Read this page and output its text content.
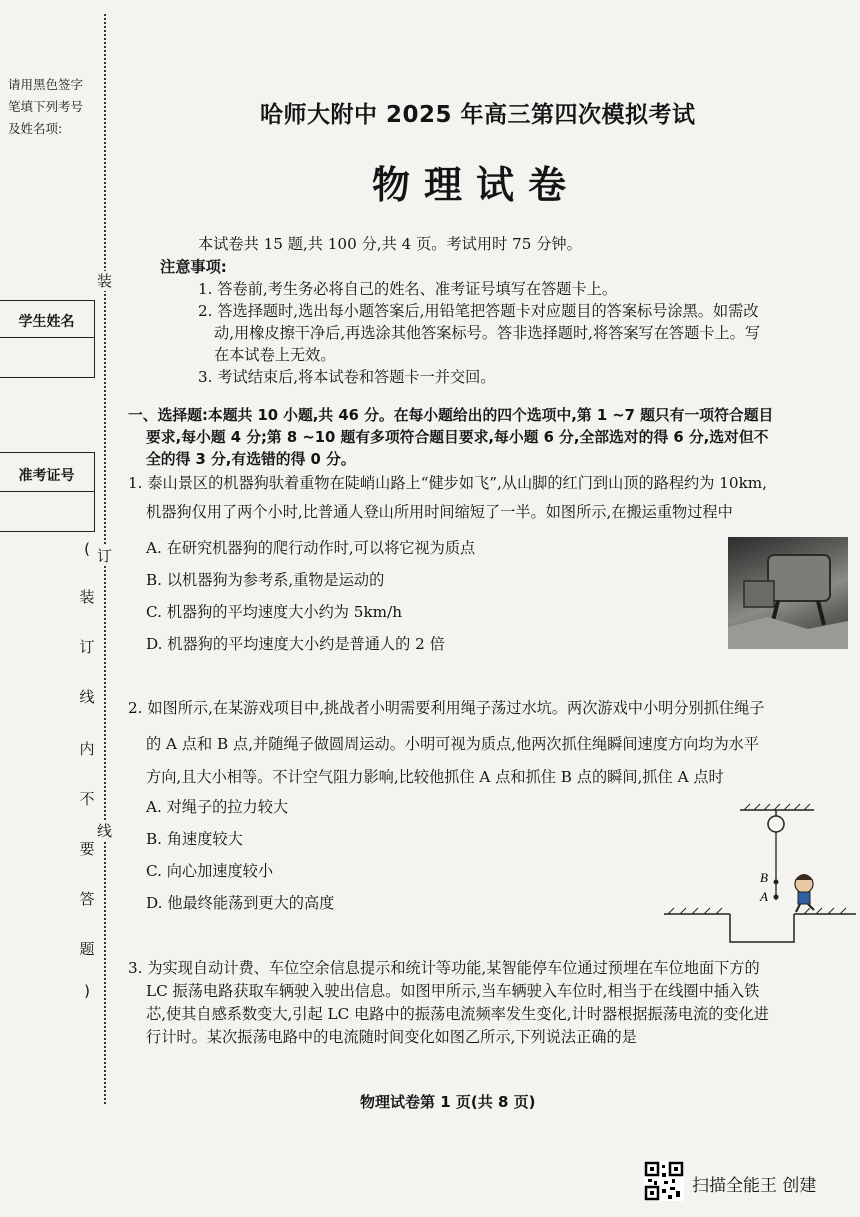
请用黑色签字
笔填下列考号
及姓名项:
装
订
线
学生姓名
准考证号
(
装
订
线
内
不
要
答
题
)
哈师大附中 2025 年高三第四次模拟考试
物理试卷
本试卷共 15 题,共 100 分,共 4 页。考试用时 75 分钟。
注意事项:
1. 答卷前,考生务必将自己的姓名、准考证号填写在答题卡上。
2. 答选择题时,选出每小题答案后,用铅笔把答题卡对应题目的答案标号涂黑。如需改
动,用橡皮擦干净后,再选涂其他答案标号。答非选择题时,将答案写在答题卡上。写
在本试卷上无效。
3. 考试结束后,将本试卷和答题卡一并交回。
一、选择题:本题共 10 小题,共 46 分。在每小题给出的四个选项中,第 1 ~7 题只有一项符合题目
要求,每小题 4 分;第 8 ~10 题有多项符合题目要求,每小题 6 分,全部选对的得 6 分,选对但不
全的得 3 分,有选错的得 0 分。
1. 泰山景区的机器狗驮着重物在陡峭山路上“健步如飞”,从山脚的红门到山顶的路程约为 10km,
机器狗仅用了两个小时,比普通人登山所用时间缩短了一半。如图所示,在搬运重物过程中
A. 在研究机器狗的爬行动作时,可以将它视为质点
B. 以机器狗为参考系,重物是运动的
C. 机器狗的平均速度大小约为 5km/h
D. 机器狗的平均速度大小约是普通人的 2 倍
2. 如图所示,在某游戏项目中,挑战者小明需要利用绳子荡过水坑。两次游戏中小明分别抓住绳子
的 A 点和 B 点,并随绳子做圆周运动。小明可视为质点,他两次抓住绳瞬间速度方向均为水平
方向,且大小相等。不计空气阻力影响,比较他抓住 A 点和抓住 B 点的瞬间,抓住 A 点时
A. 对绳子的拉力较大
B. 角速度较大
C. 向心加速度较小
D. 他最终能荡到更大的高度
B
A
3. 为实现自动计费、车位空余信息提示和统计等功能,某智能停车位通过预埋在车位地面下方的
LC 振荡电路获取车辆驶入驶出信息。如图甲所示,当车辆驶入车位时,相当于在线圈中插入铁
芯,使其自感系数变大,引起 LC 电路中的振荡电流频率发生变化,计时器根据振荡电流的变化进
行计时。某次振荡电路中的电流随时间变化如图乙所示,下列说法正确的是
物理试卷第 1 页(共 8 页)
扫描全能王 创建
